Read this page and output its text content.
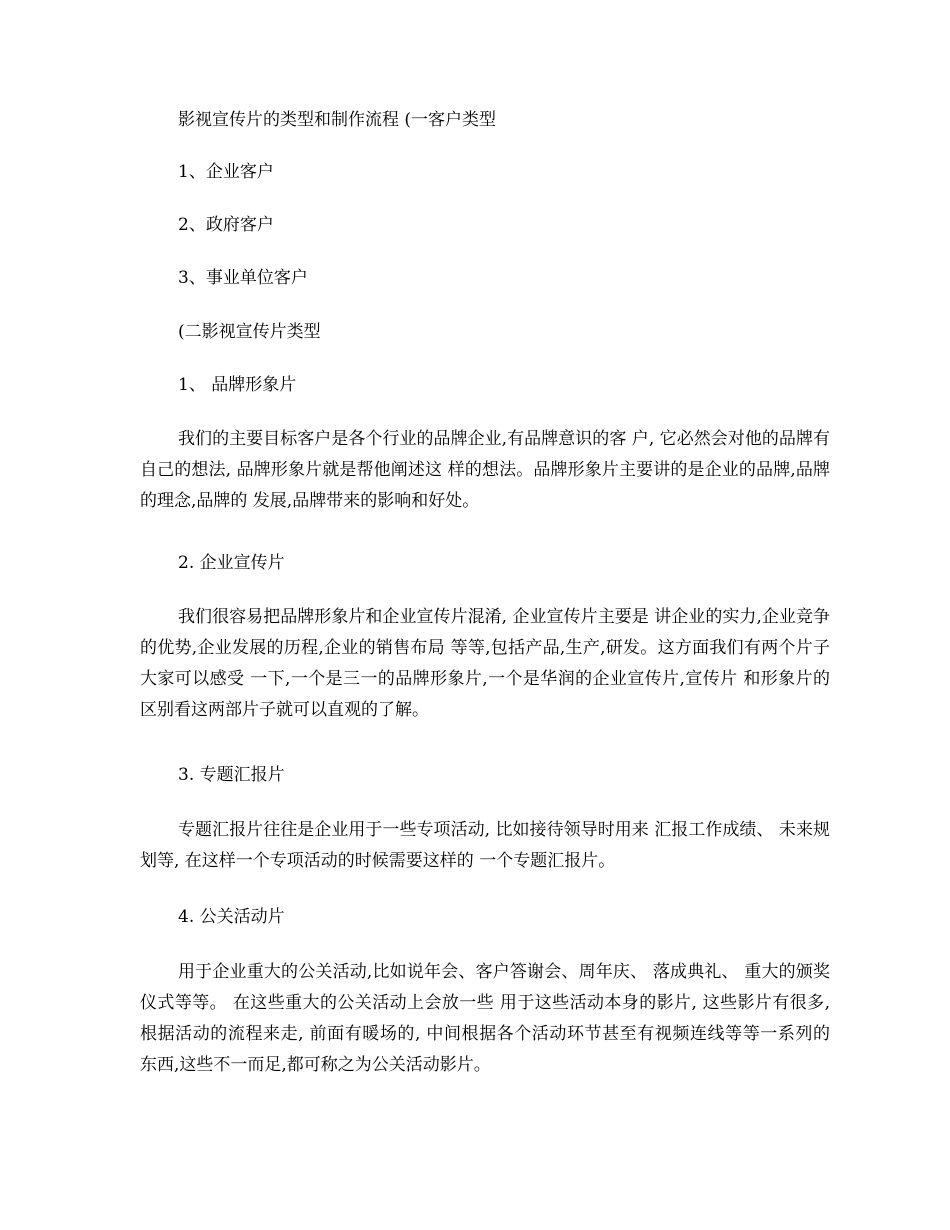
影视宣传片的类型和制作流程 (一客户类型
1、企业客户
2、政府客户
3、事业单位客户
(二影视宣传片类型
1、 品牌形象片

我们的主要目标客户是各个行业的品牌企业,有品牌意识的客 户, 它必然会对他的品牌有自己的想法, 品牌形象片就是帮他阐述这 样的想法。品牌形象片主要讲的是企业的品牌,品牌的理念,品牌的 发展,品牌带来的影响和好处。

2. 企业宣传片

我们很容易把品牌形象片和企业宣传片混淆, 企业宣传片主要是 讲企业的实力,企业竞争的优势,企业发展的历程,企业的销售布局 等等,包括产品,生产,研发。这方面我们有两个片子大家可以感受 一下,一个是三一的品牌形象片,一个是华润的企业宣传片,宣传片 和形象片的区别看这两部片子就可以直观的了解。

3. 专题汇报片

专题汇报片往往是企业用于一些专项活动, 比如接待领导时用来 汇报工作成绩、 未来规划等, 在这样一个专项活动的时候需要这样的 一个专题汇报片。

4. 公关活动片

用于企业重大的公关活动,比如说年会、客户答谢会、周年庆、 落成典礼、 重大的颁奖仪式等等。 在这些重大的公关活动上会放一些 用于这些活动本身的影片, 这些影片有很多,根据活动的流程来走, 前面有暖场的, 中间根据各个活动环节甚至有视频连线等等一系列的 东西,这些不一而足,都可称之为公关活动影片。
